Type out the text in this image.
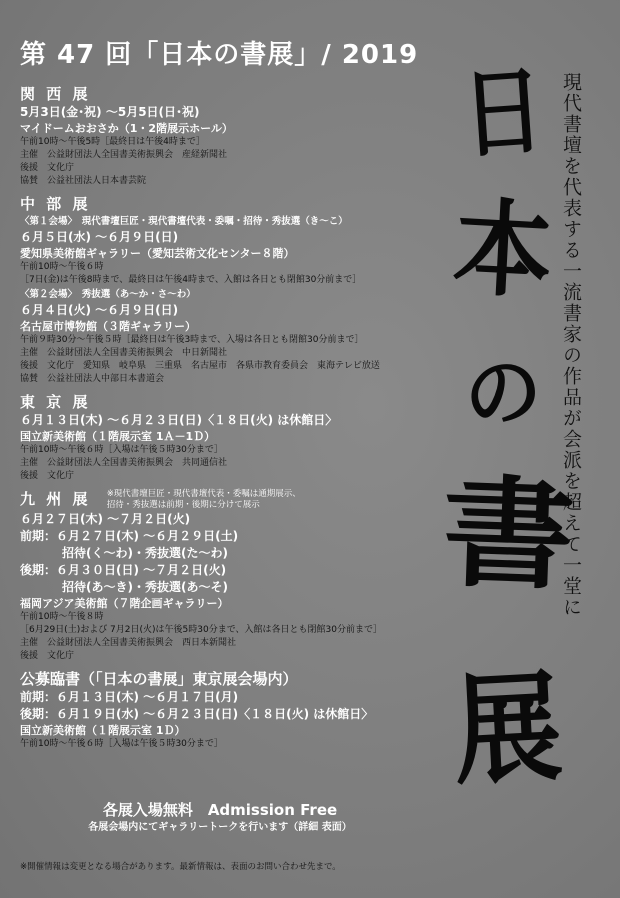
第 47 回「日本の書展」/ 2019
関 西 展
5月3日(金･祝) ～5月5日(日･祝)
マイドームおおさか（1・2階展示ホール）
午前10時～午後5時［最終日は午後4時まで］
主催　公益財団法人全国書美術振興会　産経新聞社
後援　文化庁
協賛　公益社団法人日本書芸院
中 部 展
〈第１会場〉　現代書壇巨匠・現代書壇代表・委嘱・招待・秀抜選（き～こ）
６月５日(水) ～６月９日(日)
愛知県美術館ギャラリー（愛知芸術文化センター８階）
午前10時～午後６時
［7日(金)は午後8時まで、最終日は午後4時まで、入館は各日とも閉館30分前まで］
〈第２会場〉　秀抜選（あ～か・さ～わ）
６月４日(火) ～６月９日(日)
名古屋市博物館（３階ギャラリー）
午前９時30分～午後５時［最終日は午後3時まで、入場は各日とも閉館30分前まで］
主催　公益財団法人全国書美術振興会　中日新聞社
後援　文化庁　愛知県　岐阜県　三重県　名古屋市　各県市教育委員会　東海テレビ放送
協賛　公益社団法人中部日本書道会
東 京 展
６月１３日(木) ～６月２３日(日)〈１８日(火) は休館日〉
国立新美術館（１階展示室 1Ａ－1Ｄ）
午前10時～午後６時［入場は午後５時30分まで］
主催　公益財団法人全国書美術振興会　共同通信社
後援　文化庁
九 州 展 ※現代書壇巨匠・現代書壇代表・委嘱は通期展示、
招待・秀抜選は前期・後期に分けて展示
６月２７日(木) ～７月２日(火)
前期：６月２７日(木) ～６月２９日(土)
招待(く～わ)・秀抜選(た～わ)
後期：６月３０日(日) ～７月２日(火)
招待(あ～き)・秀抜選(あ～そ)
福岡アジア美術館（７階企画ギャラリー）
午前10時～午後８時
［6月29日(土)および 7月2日(火)は午後5時30分まで、入館は各日とも閉館30分前まで］
主催　公益財団法人全国書美術振興会　西日本新聞社
後援　文化庁
公募臨書（「日本の書展」東京展会場内）
前期：６月１３日(木) ～６月１７日(月)
後期：６月１９日(水) ～６月２３日(日)〈１８日(火) は休館日〉
国立新美術館（１階展示室 1Ｄ）
午前10時～午後６時［入場は午後５時30分まで］
各展入場無料　Admission Free
各展会場内にてギャラリートークを行います（詳細 表面）
※開催情報は変更となる場合があります。最新情報は、表面のお問い合わせ先まで。
現代書壇を代表する一流書家の作品が会派を超えて一堂に
日
本
の
書
展
